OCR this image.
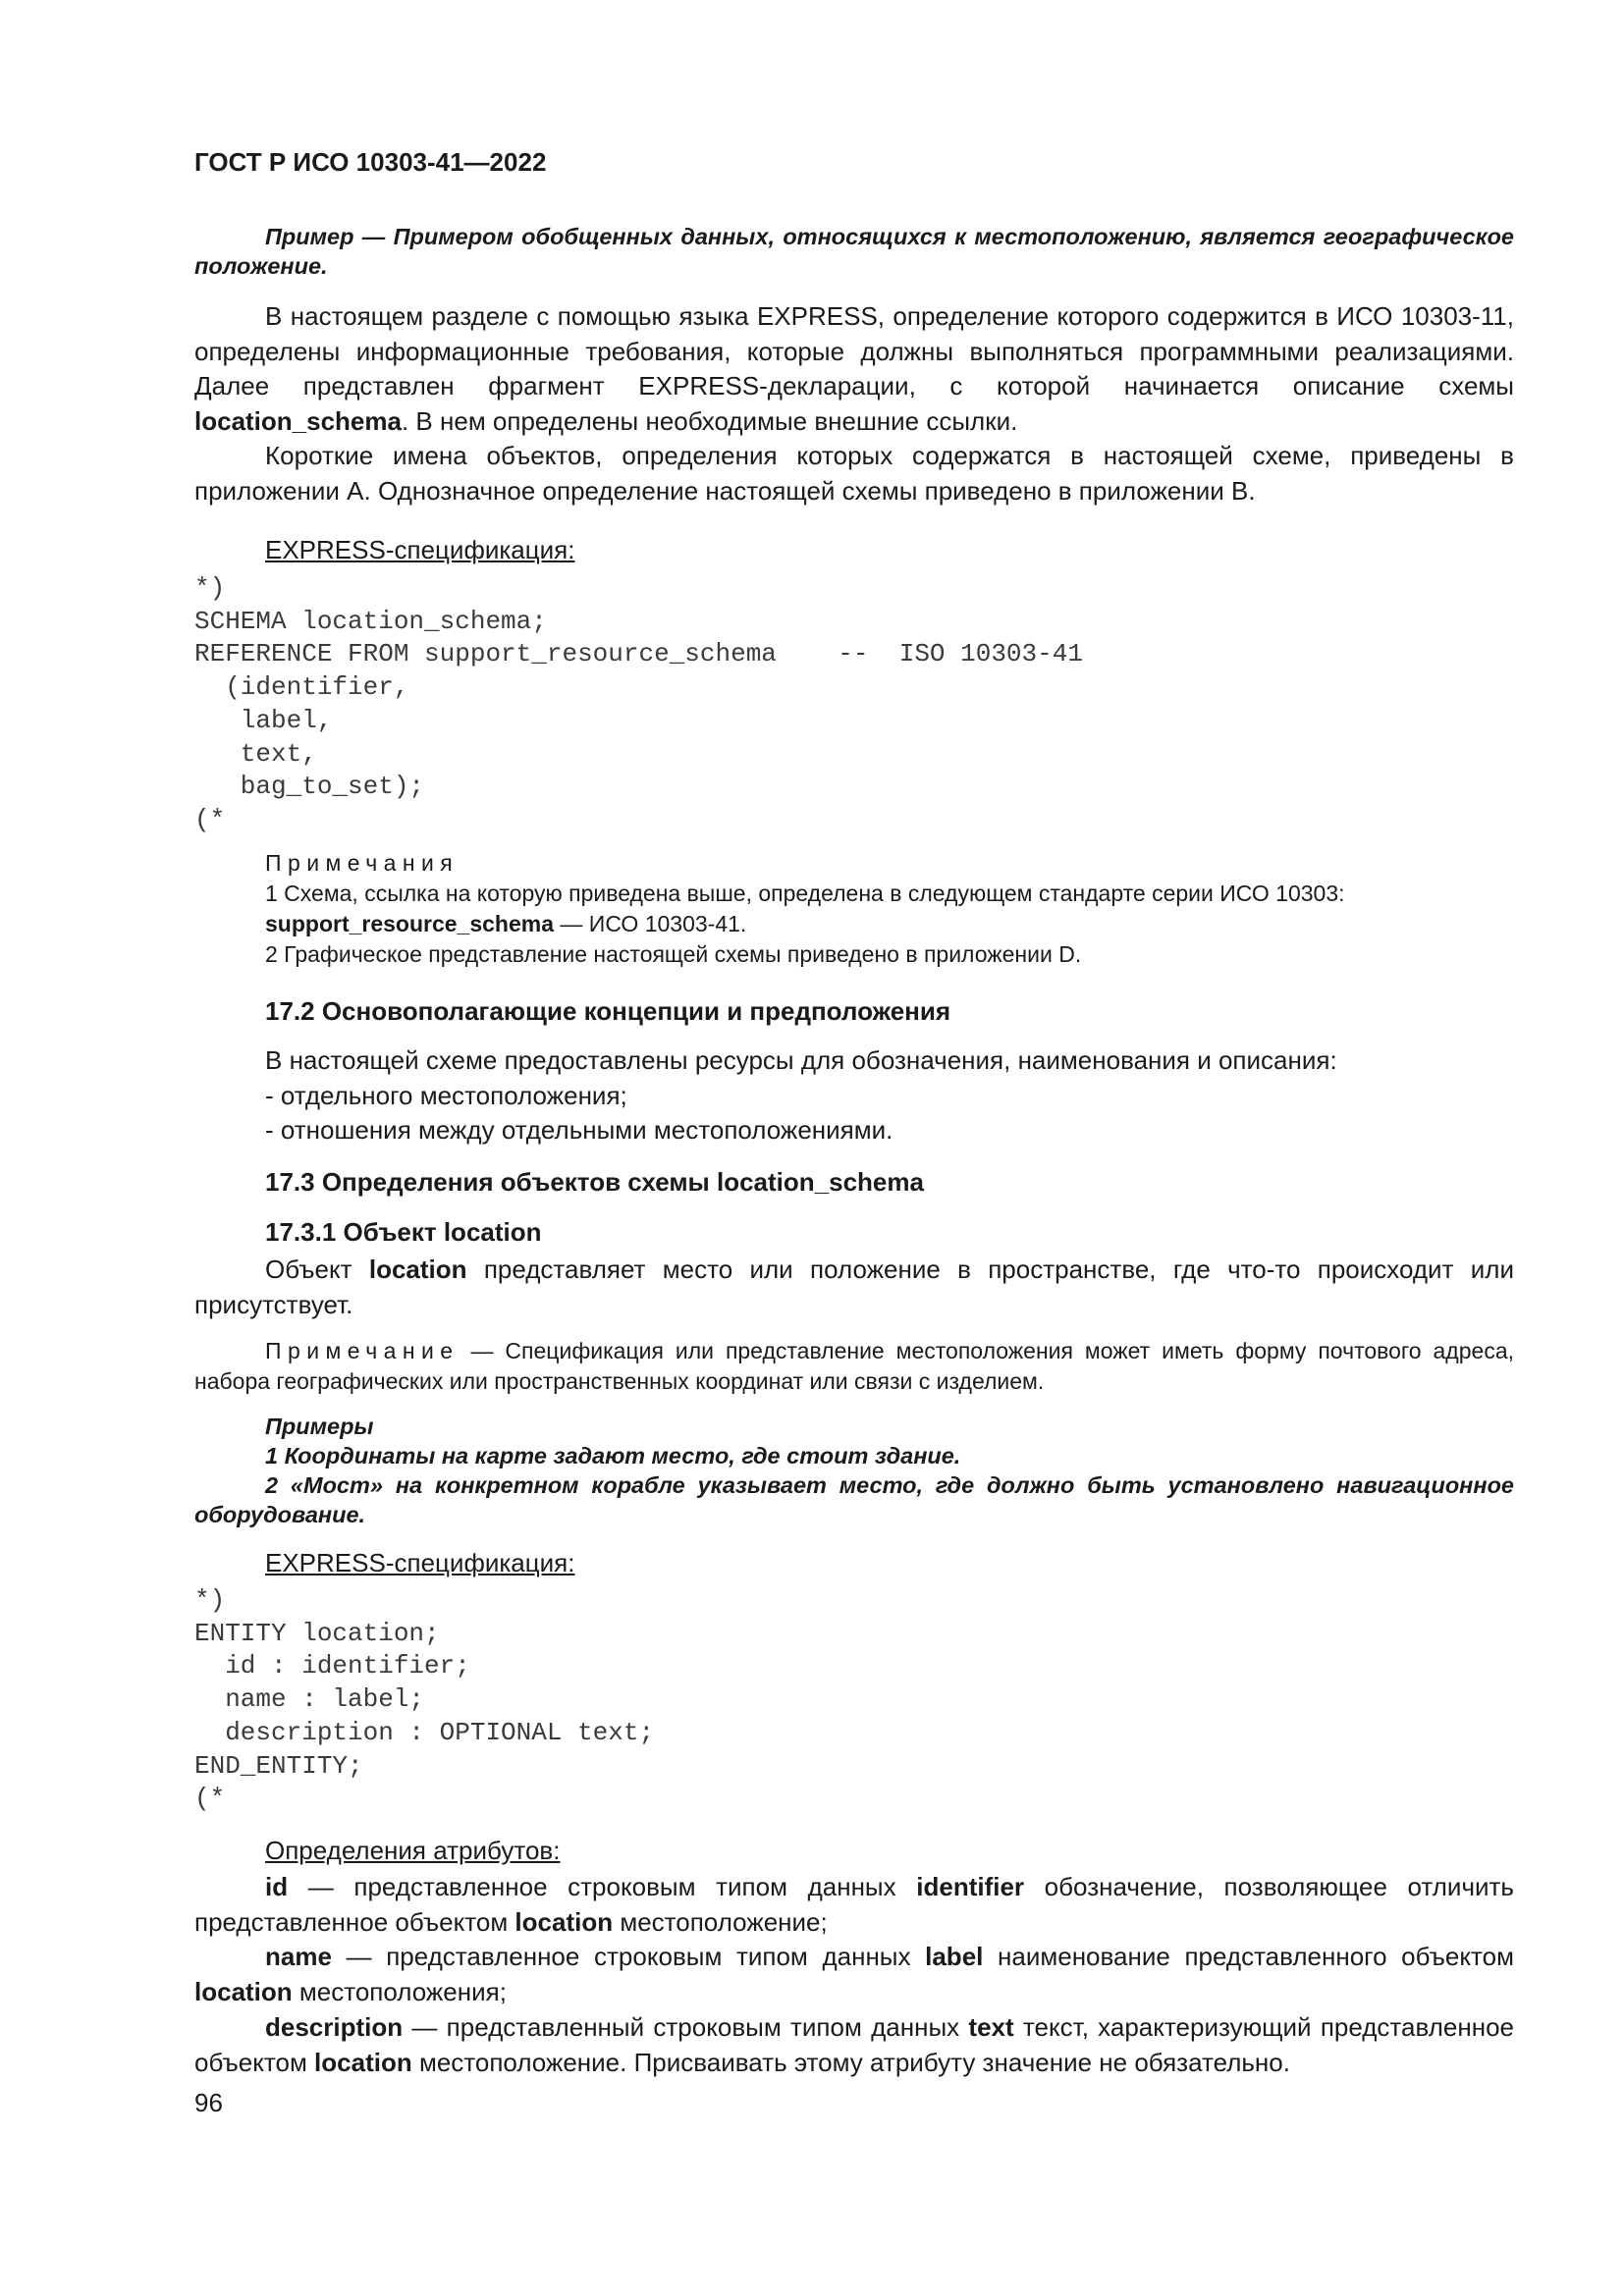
ГОСТ Р ИСО 10303-41—2022

Пример — Примером обобщенных данных, относящихся к местоположению, является географическое положение.

В настоящем разделе с помощью языка EXPRESS, определение которого содержится в ИСО 10303-11, определены информационные требования, которые должны выполняться программными реализациями. Далее представлен фрагмент EXPRESS-декларации, с которой начинается описание схемы location_schema. В нем определены необходимые внешние ссылки.

Короткие имена объектов, определения которых содержатся в настоящей схеме, приведены в приложении А. Однозначное определение настоящей схемы приведено в приложении В.

EXPRESS-спецификация:

*)
SCHEMA location_schema;
REFERENCE FROM support_resource_schema    --  ISO 10303-41
(identifier,
label,
text,
bag_to_set);
(*
Примечания
1 Схема, ссылка на которую приведена выше, определена в следующем стандарте серии ИСО 10303:
support_resource_schema — ИСО 10303-41.
2 Графическое представление настоящей схемы приведено в приложении D.

17.2 Основополагающие концепции и предположения

В настоящей схеме предоставлены ресурсы для обозначения, наименования и описания:
- отдельного местоположения;
- отношения между отдельными местоположениями.

17.3 Определения объектов схемы location_schema

17.3.1 Объект location

Объект location представляет место или положение в пространстве, где что-то происходит или присутствует.

Примечание — Спецификация или представление местоположения может иметь форму почтового адреса, набора географических или пространственных координат или связи с изделием.

Примеры
1 Координаты на карте задают место, где стоит здание.
2 «Мост» на конкретном корабле указывает место, где должно быть установлено навигационное оборудование.

EXPRESS-спецификация:

*)
ENTITY location;
id : identifier;
name : label;
description : OPTIONAL text;
END_ENTITY;
(*

Определения атрибутов:

id — представленное строковым типом данных identifier обозначение, позволяющее отличить представленное объектом location местоположение;

name — представленное строковым типом данных label наименование представленного объектом location местоположения;

description — представленный строковым типом данных text текст, характеризующий представленное объектом location местоположение. Присваивать этому атрибуту значение не обязательно.

96
